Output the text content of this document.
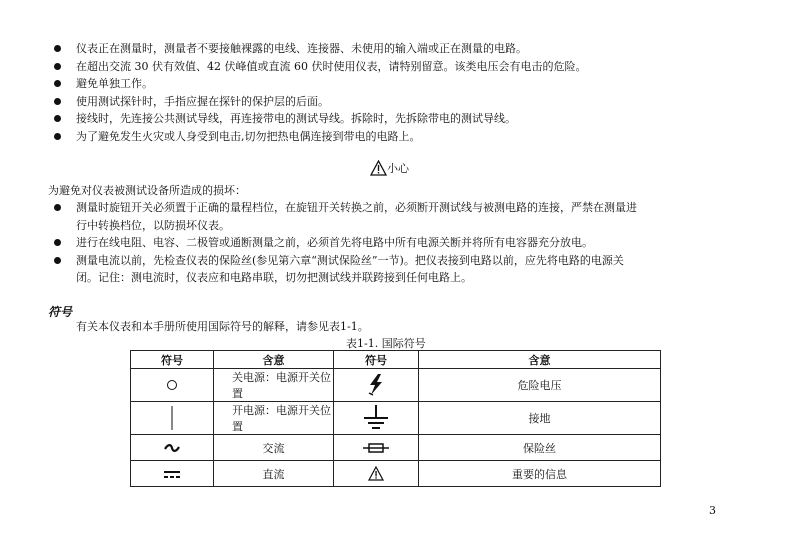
仪表正在测量时，测量者不要接触裸露的电线、连接器、未使用的输入端或正在测量的电路。
在超出交流 30 伏有效值、42 伏峰值或直流 60 伏时使用仪表，请特别留意。该类电压会有电击的危险。
避免单独工作。
使用测试探针时，手指应握在探针的保护层的后面。
接线时，先连接公共测试导线，再连接带电的测试导线。拆除时，先拆除带电的测试导线。
为了避免发生火灾或人身受到电击,切勿把热电偶连接到带电的电路上。
小心
为避免对仪表被测试设备所造成的损坏：
测量时旋钮开关必须置于正确的量程档位，在旋钮开关转换之前，必须断开测试线与被测电路的连接，严禁在测量进
行中转换档位，以防损坏仪表。
进行在线电阻、电容、二极管或通断测量之前，必须首先将电路中所有电源关断并将所有电容器充分放电。
测量电流以前，先检查仪表的保险丝(参见第六章“测试保险丝”一节)。把仪表接到电路以前，应先将电路的电源关
闭。记住：测电流时，仪表应和电路串联，切勿把测试线并联跨接到任何电路上。
符号
有关本仪表和本手册所使用国际符号的解释，请参见表1-1。
表1-1. 国际符号
符号	含意	符号	含意

	关电源：电源开关位置		危险电压

	开电源：电源开关位置		接地

	交流		保险丝

	直流		重要的信息
3
